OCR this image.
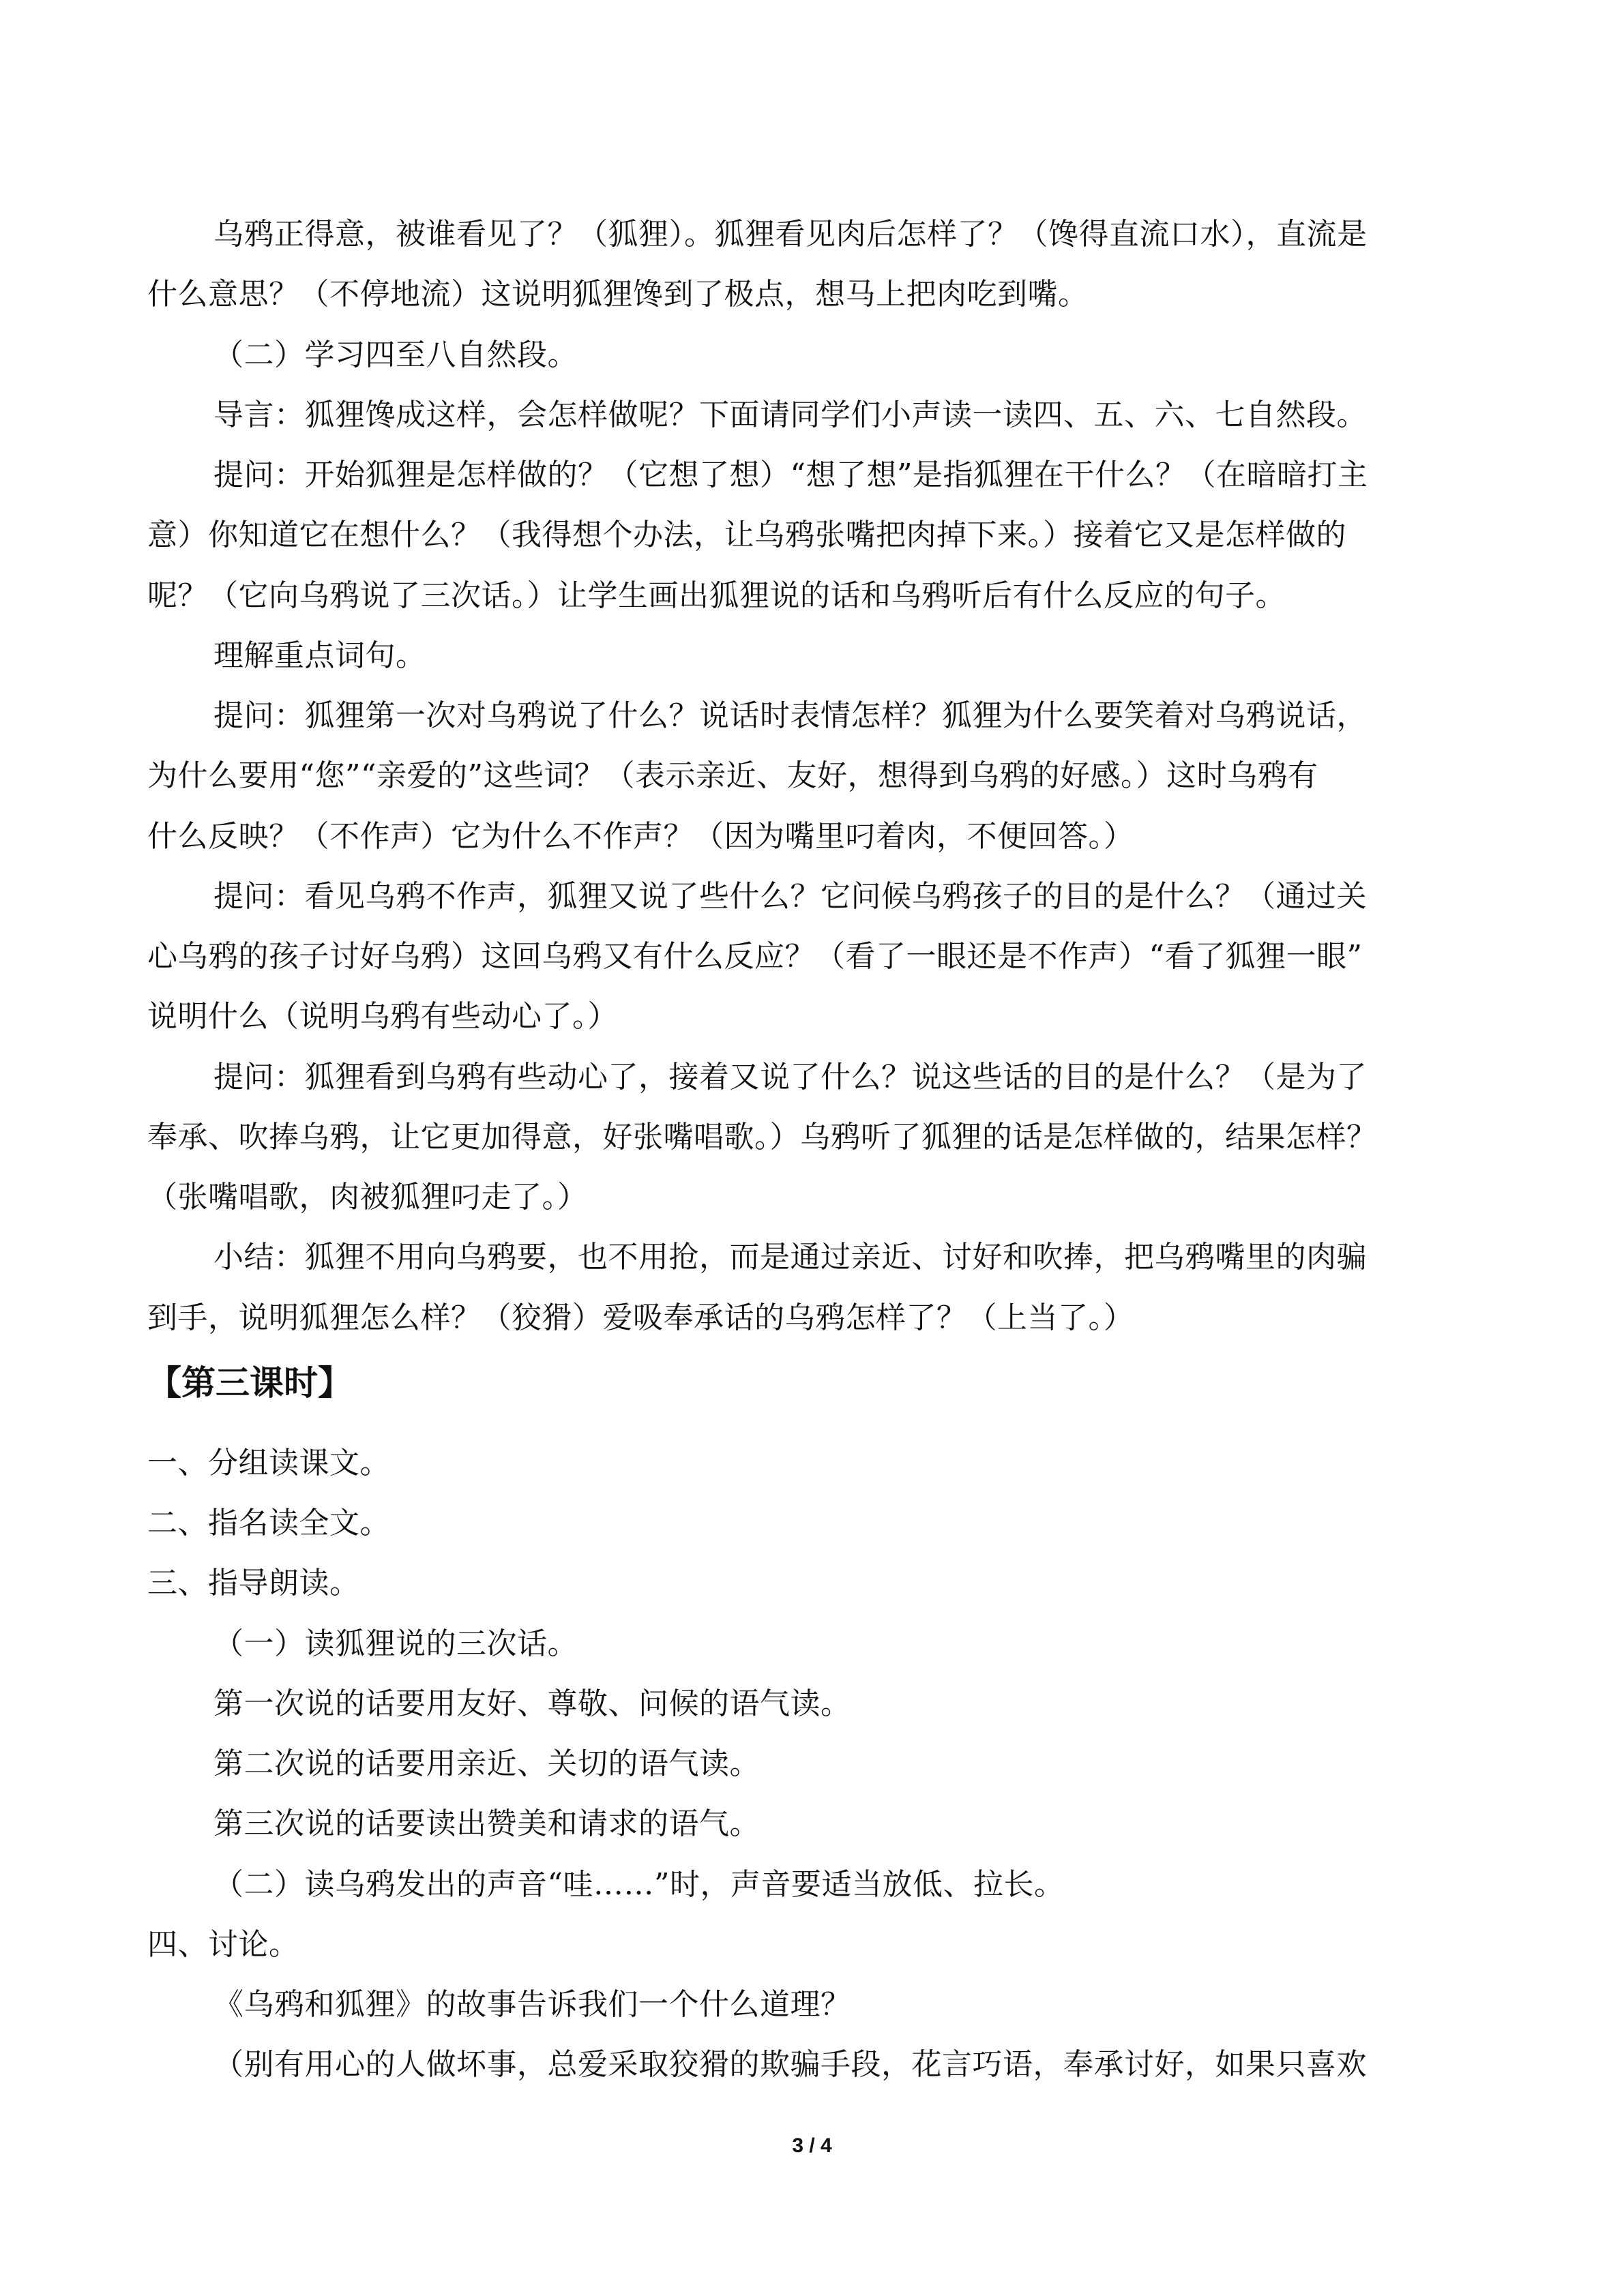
乌鸦正得意，被谁看见了？（狐狸）。狐狸看见肉后怎样了？（馋得直流口水），直流是
什么意思？（不停地流）这说明狐狸馋到了极点，想马上把肉吃到嘴。
（二）学习四至八自然段。
导言：狐狸馋成这样，会怎样做呢？下面请同学们小声读一读四、五、六、七自然段。
提问：开始狐狸是怎样做的？（它想了想）“想了想”是指狐狸在干什么？（在暗暗打主
意）你知道它在想什么？（我得想个办法，让乌鸦张嘴把肉掉下来。）接着它又是怎样做的
呢？（它向乌鸦说了三次话。）让学生画出狐狸说的话和乌鸦听后有什么反应的句子。
理解重点词句。
提问：狐狸第一次对乌鸦说了什么？说话时表情怎样？狐狸为什么要笑着对乌鸦说话，
为什么要用“您”“亲爱的”这些词？（表示亲近、友好，想得到乌鸦的好感。）这时乌鸦有
什么反映？（不作声）它为什么不作声？（因为嘴里叼着肉，不便回答。）
提问：看见乌鸦不作声，狐狸又说了些什么？它问候乌鸦孩子的目的是什么？（通过关
心乌鸦的孩子讨好乌鸦）这回乌鸦又有什么反应？（看了一眼还是不作声）“看了狐狸一眼”
说明什么（说明乌鸦有些动心了。）
提问：狐狸看到乌鸦有些动心了，接着又说了什么？说这些话的目的是什么？（是为了
奉承、吹捧乌鸦，让它更加得意，好张嘴唱歌。）乌鸦听了狐狸的话是怎样做的，结果怎样？
（张嘴唱歌，肉被狐狸叼走了。）
小结：狐狸不用向乌鸦要，也不用抢，而是通过亲近、讨好和吹捧，把乌鸦嘴里的肉骗
到手，说明狐狸怎么样？（狡猾）爱吸奉承话的乌鸦怎样了？（上当了。）
【第三课时】
一、分组读课文。
二、指名读全文。
三、指导朗读。
（一）读狐狸说的三次话。
第一次说的话要用友好、尊敬、问候的语气读。
第二次说的话要用亲近、关切的语气读。
第三次说的话要读出赞美和请求的语气。
（二）读乌鸦发出的声音“哇……”时，声音要适当放低、拉长。
四、讨论。
《乌鸦和狐狸》的故事告诉我们一个什么道理？
（别有用心的人做坏事，总爱采取狡猾的欺骗手段，花言巧语，奉承讨好，如果只喜欢
3 / 4
